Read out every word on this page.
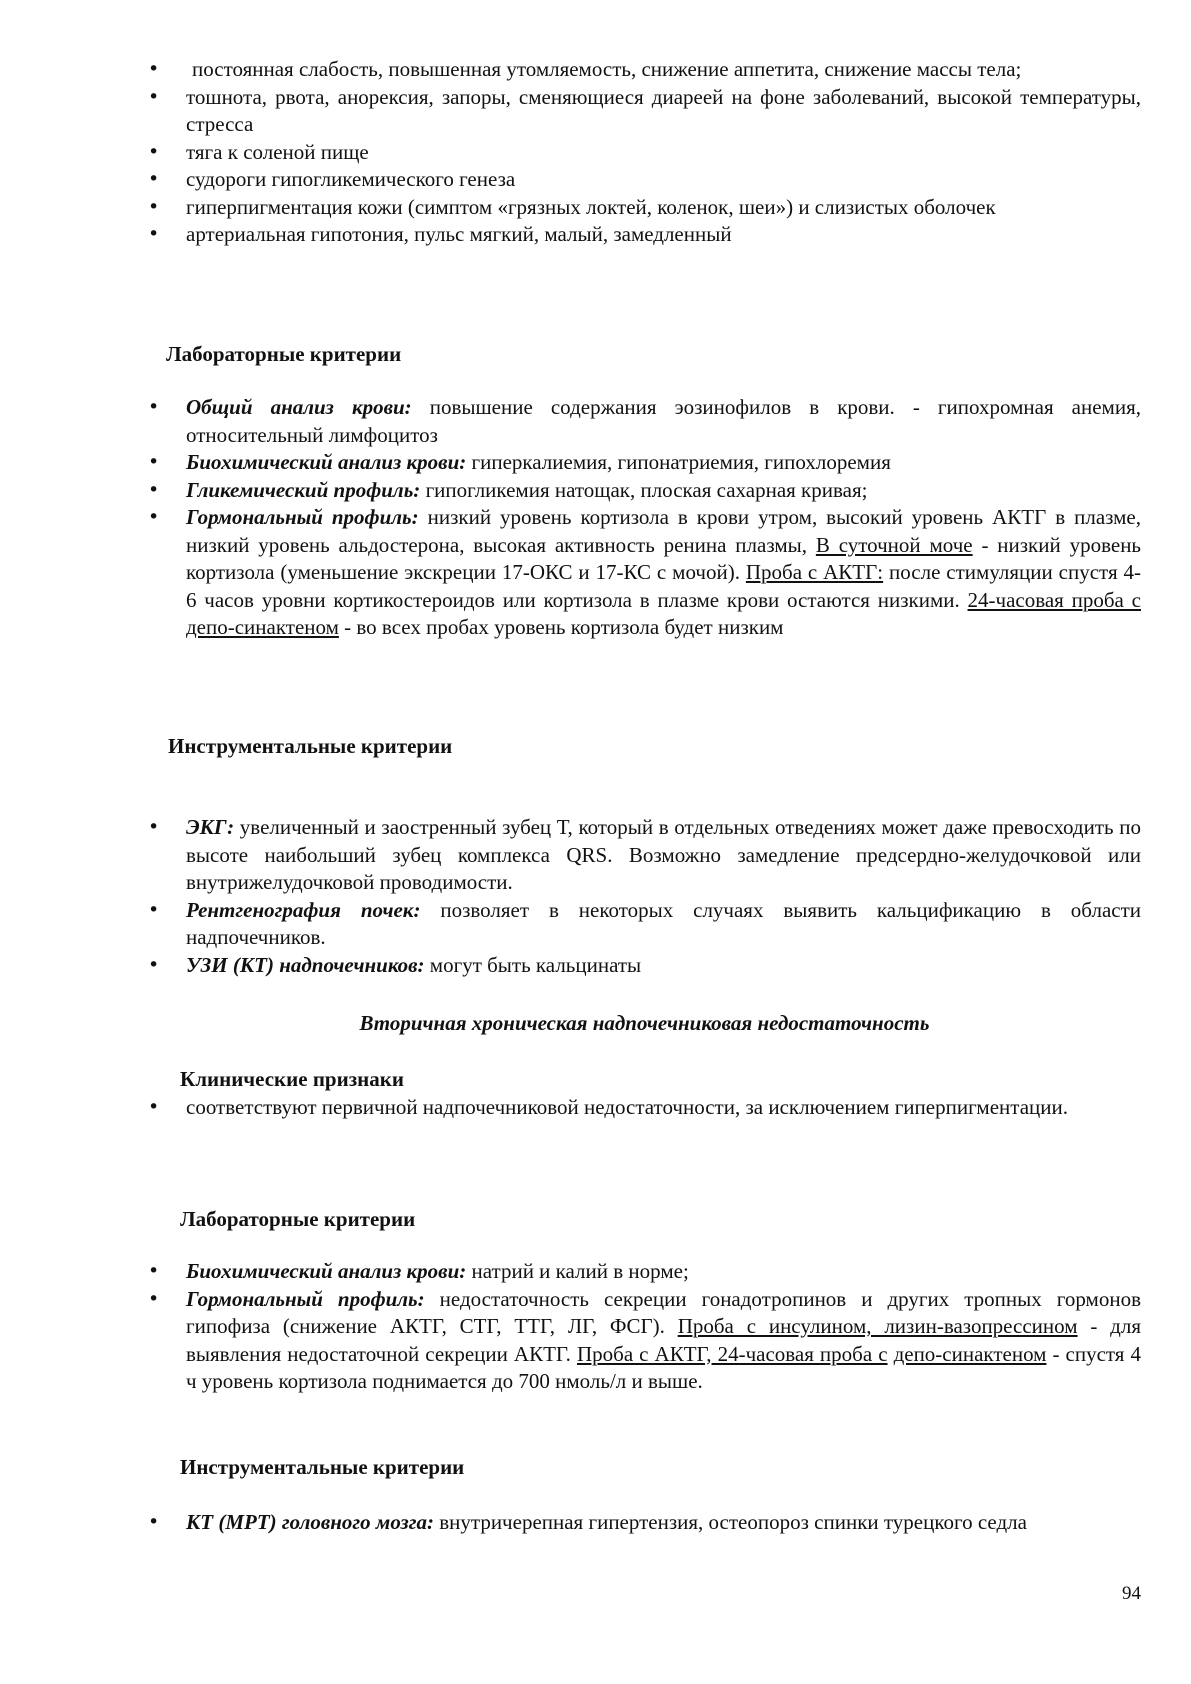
• постоянная слабость, повышенная утомляемость, снижение аппетита, снижение массы тела;
• тошнота, рвота, анорексия, запоры, сменяющиеся диареей на фоне заболеваний, высокой температуры, стресса
• тяга к соленой пище
• судороги гипогликемического генеза
• гиперпигментация кожи (симптом «грязных локтей, коленок, шеи») и слизистых оболочек
• артериальная гипотония, пульс мягкий, малый, замедленный
Лабораторные критерии
• Общий анализ крови: повышение содержания эозинофилов в крови. - гипохромная анемия, относительный лимфоцитоз
• Биохимический анализ крови: гиперкалиемия, гипонатриемия, гипохлоремия
• Гликемический профиль: гипогликемия натощак, плоская сахарная кривая;
• Гормональный профиль: низкий уровень кортизола в крови утром, высокий уровень АКТГ в плазме, низкий уровень альдостерона, высокая активность ренина плазмы, В суточной моче - низкий уровень кортизола (уменьшение экскреции 17-ОКС и 17-КС с мочой). Проба с АКТГ: после стимуляции спустя 4-6 часов уровни кортикостероидов или кортизола в плазме крови остаются низкими. 24-часовая проба с депо-синактеном - во всех пробах уровень кортизола будет низким
Инструментальные критерии
• ЭКГ: увеличенный и заостренный зубец Т, который в отдельных отведениях может даже превосходить по высоте наибольший зубец комплекса QRS. Возможно замедление предсердно-желудочковой или внутрижелудочковой проводимости.
• Рентгенография почек: позволяет в некоторых случаях выявить кальцификацию в области надпочечников.
• УЗИ (КТ) надпочечников: могут быть кальцинаты
Вторичная хроническая надпочечниковая недостаточность
Клинические признаки
• соответствуют первичной надпочечниковой недостаточности, за исключением гиперпигментации.
Лабораторные критерии
• Биохимический анализ крови: натрий и калий в норме;
• Гормональный профиль: недостаточность секреции гонадотропинов и других тропных гормонов гипофиза (снижение АКТГ, СТГ, ТТГ, ЛГ, ФСГ). Проба с инсулином, лизин-вазопрессином - для выявления недостаточной секреции АКТГ. Проба с АКТГ, 24-часовая проба с депо-синактеном - спустя 4 ч уровень кортизола поднимается до 700 нмоль/л и выше.
Инструментальные критерии
• КТ (МРТ) головного мозга: внутричерепная гипертензия, остеопороз спинки турецкого седла
94
